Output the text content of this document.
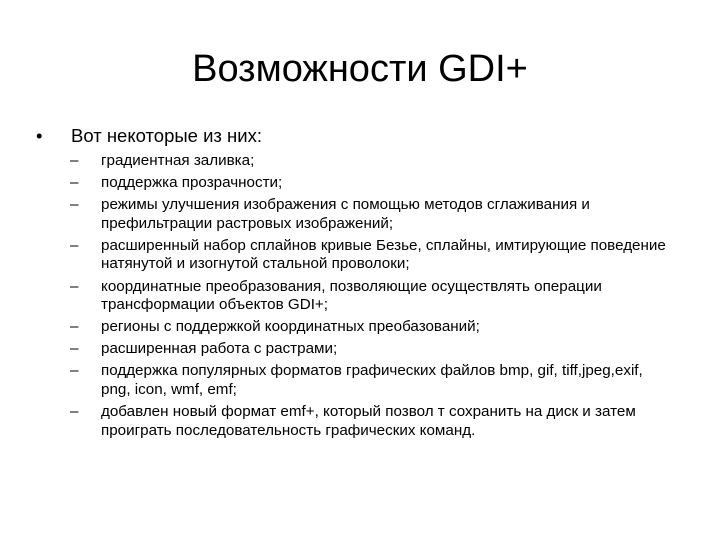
Возможности GDI+
•	Вот некоторые из них:
–	градиентная заливка;
–	поддержка прозрачности;
–	режимы улучшения изображения с помощью методов сглаживания и префильтрации растровых изображений;
–	расширенный набор сплайнов кривые Безье, сплайны, имтирующие поведение натянутой и изогнутой стальной проволоки;
–	координатные преобразования, позволяющие осуществлять операции трансформации объектов GDI+;
–	регионы с поддержкой координатных преобазований;
–	расширенная работа с растрами;
–	поддержка популярных форматов графических файлов bmp, gif, tiff,jpeg,exif, png, icon, wmf, emf;
–	добавлен новый формат emf+, который позвол т сохранить на диск и затем проиграть последовательность графических команд.
